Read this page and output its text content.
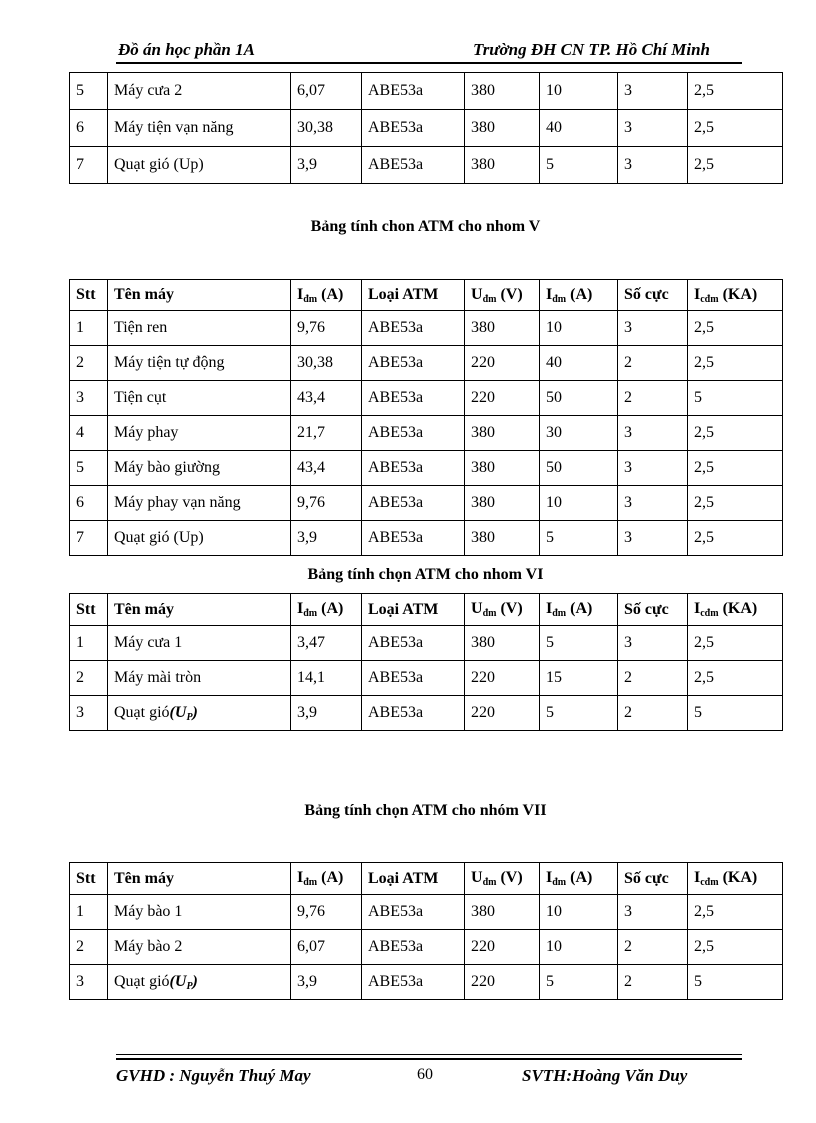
Đồ án học phần 1A	Trường ĐH CN TP. Hồ Chí Minh
5	Máy cưa 2	6,07	ABE53a	380	10	3	2,5
6	Máy tiện vạn năng	30,38	ABE53a	380	40	3	2,5
7	Quạt gió (Up)	3,9	ABE53a	380	5	3	2,5
Bảng tính chon ATM cho nhom V
Stt	Tên máy	$I_{đm}$ (A)	Loại ATM	$U_{đm}$ (V)	$I_{đm}$ (A)	Số cực	$I_{cđm}$ (KA)
1	Tiện ren	9,76	ABE53a	380	10	3	2,5
2	Máy tiện tự động	30,38	ABE53a	220	40	2	2,5
3	Tiện cụt	43,4	ABE53a	220	50	2	5
4	Máy phay	21,7	ABE53a	380	30	3	2,5
5	Máy bào giường	43,4	ABE53a	380	50	3	2,5
6	Máy phay vạn năng	9,76	ABE53a	380	10	3	2,5
7	Quạt gió (Up)	3,9	ABE53a	380	5	3	2,5
Bảng tính chọn ATM cho nhom VI
Stt	Tên máy	$I_{đm}$ (A)	Loại ATM	$U_{đm}$ (V)	$I_{đm}$ (A)	Số cực	$I_{cđm}$ (KA)
1	Máy cưa 1	3,47	ABE53a	380	5	3	2,5
2	Máy mài tròn	14,1	ABE53a	220	15	2	2,5
3	Quạt $gió(U_P)$	3,9	ABE53a	220	5	2	5
Bảng tính chọn ATM cho nhóm VII
Stt	Tên máy	$I_{đm}$ (A)	Loại ATM	$U_{đm}$ (V)	$I_{đm}$ (A)	Số cực	$I_{cđm}$ (KA)
1	Máy bào 1	9,76	ABE53a	380	10	3	2,5
2	Máy bào 2	6,07	ABE53a	220	10	2	2,5
3	Quạt $gió(U_P)$	3,9	ABE53a	220	5	2	5
GVHD : Nguyễn Thuý May	60	SVTH:Hoàng Văn Duy
